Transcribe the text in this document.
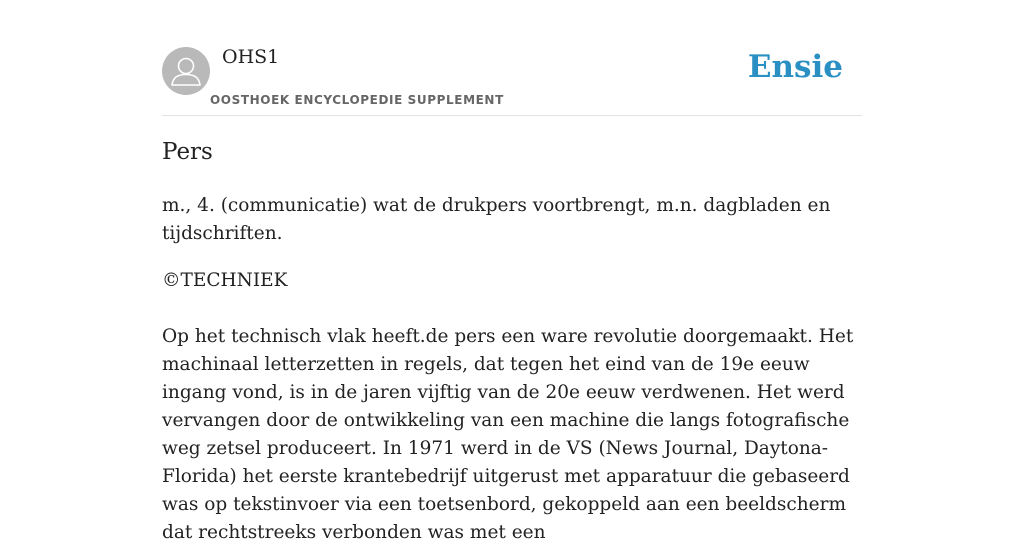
OHS1
OOSTHOEK ENCYCLOPEDIE SUPPLEMENT
Ensie
Pers

m., 4. (communicatie) wat de drukpers voortbrengt, m.n. dagbladen en tijdschriften.

©TECHNIEK

Op het technisch vlak heeft.de pers een ware revolutie doorgemaakt. Het machinaal letterzetten in regels, dat tegen het eind van de 19e eeuw ingang vond, is in de jaren vijftig van de 20e eeuw verdwenen. Het werd vervangen door de ontwikkeling van een machine die langs fotografische weg zetsel produceert. In 1971 werd in de VS (News Journal, Daytona-Florida) het eerste krantebedrijf uitgerust met apparatuur die gebaseerd was op tekstinvoer via een toetsenbord, gekoppeld aan een beeldscherm dat rechtstreeks verbonden was met een
